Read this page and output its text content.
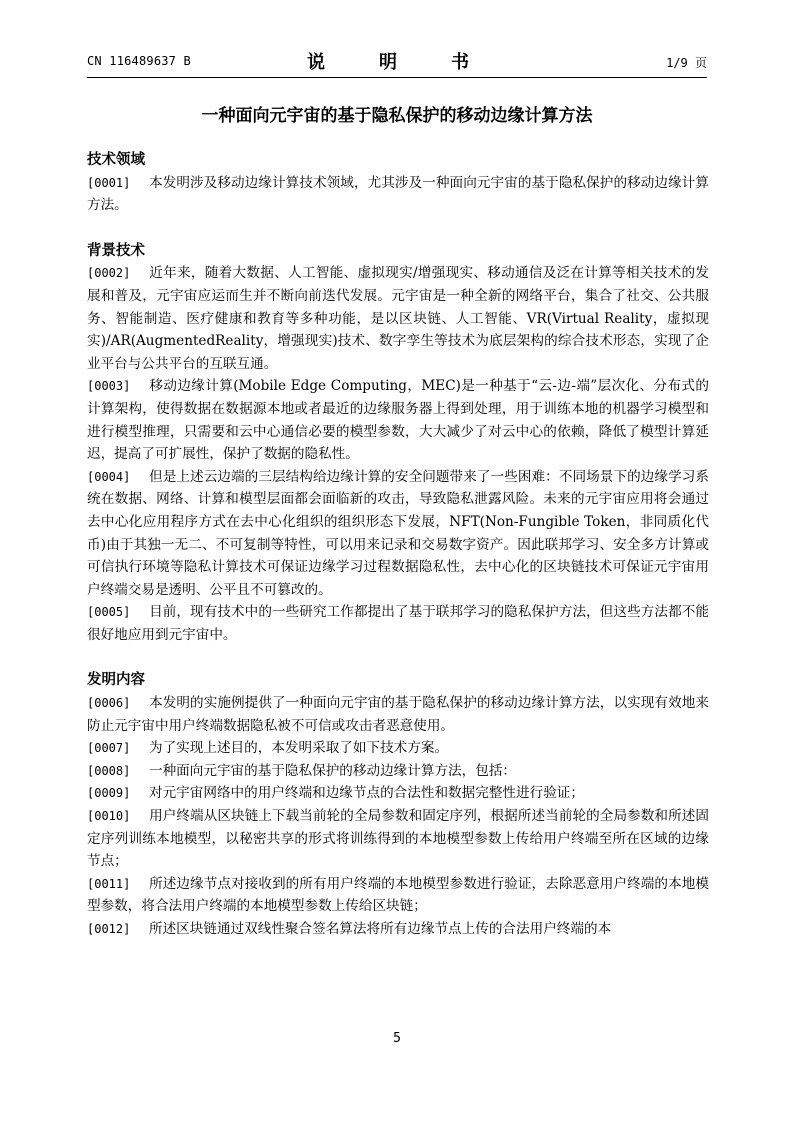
CN 116489637 B	说　明　书	1/9 页
一种面向元宇宙的基于隐私保护的移动边缘计算方法
技术领域
[0001] 本发明涉及移动边缘计算技术领域，尤其涉及一种面向元宇宙的基于隐私保护的移动边缘计算方法。
背景技术
[0002] 近年来，随着大数据、人工智能、虚拟现实/增强现实、移动通信及泛在计算等相关技术的发展和普及，元宇宙应运而生并不断向前迭代发展。元宇宙是一种全新的网络平台，集合了社交、公共服务、智能制造、医疗健康和教育等多种功能，是以区块链、人工智能、VR(Virtual Reality，虚拟现实)/AR(AugmentedReality，增强现实)技术、数字孪生等技术为底层架构的综合技术形态，实现了企业平台与公共平台的互联互通。
[0003] 移动边缘计算(Mobile Edge Computing，MEC)是一种基于“云-边-端”层次化、分布式的计算架构，使得数据在数据源本地或者最近的边缘服务器上得到处理，用于训练本地的机器学习模型和进行模型推理，只需要和云中心通信必要的模型参数，大大减少了对云中心的依赖，降低了模型计算延迟，提高了可扩展性，保护了数据的隐私性。
[0004] 但是上述云边端的三层结构给边缘计算的安全问题带来了一些困难：不同场景下的边缘学习系统在数据、网络、计算和模型层面都会面临新的攻击，导致隐私泄露风险。未来的元宇宙应用将会通过去中心化应用程序方式在去中心化组织的组织形态下发展，NFT(Non-Fungible Token，非同质化代币)由于其独一无二、不可复制等特性，可以用来记录和交易数字资产。因此联邦学习、安全多方计算或可信执行环境等隐私计算技术可保证边缘学习过程数据隐私性，去中心化的区块链技术可保证元宇宙用户终端交易是透明、公平且不可篡改的。
[0005] 目前，现有技术中的一些研究工作都提出了基于联邦学习的隐私保护方法，但这些方法都不能很好地应用到元宇宙中。
发明内容
[0006] 本发明的实施例提供了一种面向元宇宙的基于隐私保护的移动边缘计算方法，以实现有效地来防止元宇宙中用户终端数据隐私被不可信或攻击者恶意使用。
[0007] 为了实现上述目的，本发明采取了如下技术方案。
[0008] 一种面向元宇宙的基于隐私保护的移动边缘计算方法，包括：
[0009] 对元宇宙网络中的用户终端和边缘节点的合法性和数据完整性进行验证；
[0010] 用户终端从区块链上下载当前轮的全局参数和固定序列，根据所述当前轮的全局参数和所述固定序列训练本地模型，以秘密共享的形式将训练得到的本地模型参数上传给用户终端至所在区域的边缘节点；
[0011] 所述边缘节点对接收到的所有用户终端的本地模型参数进行验证，去除恶意用户终端的本地模型参数，将合法用户终端的本地模型参数上传给区块链；
[0012] 所述区块链通过双线性聚合签名算法将所有边缘节点上传的合法用户终端的本
5
